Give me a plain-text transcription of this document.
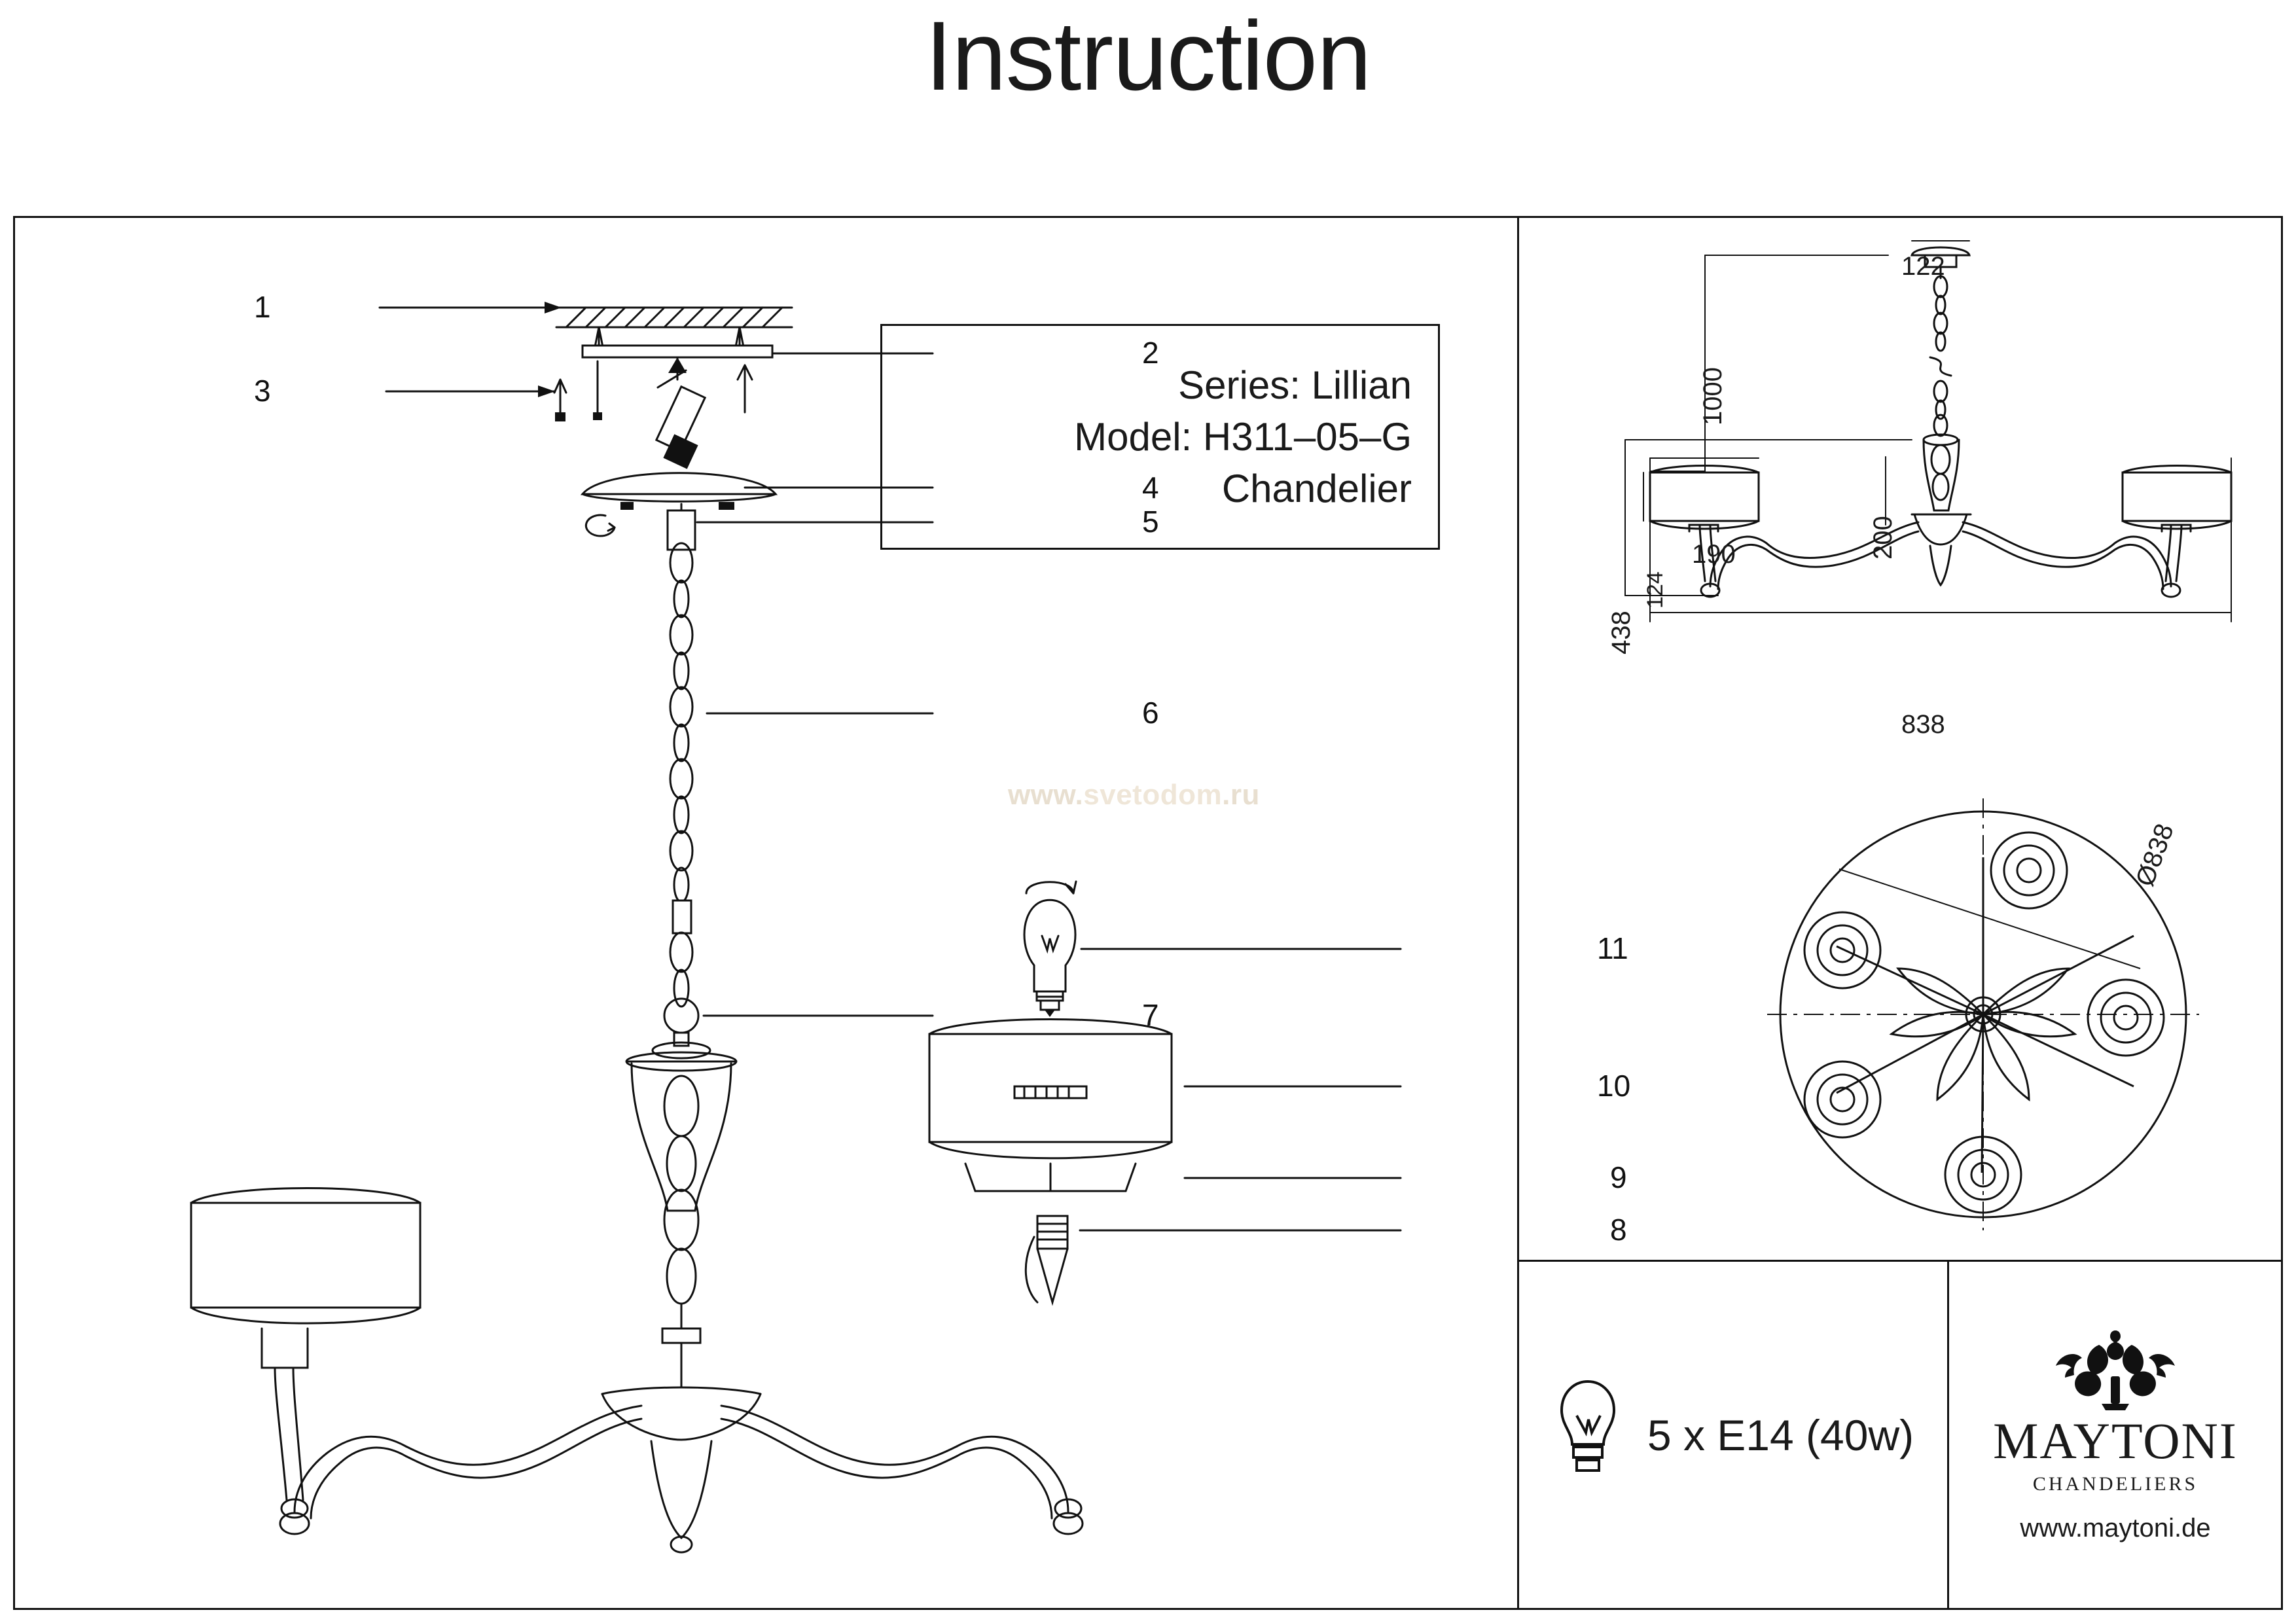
Instruction
Series: Lillian
Model: H311–05–G
Chandelier
www.svetodom.ru
1
2
3
4
5
6
7
8
9
10
11
122
1000
438
124
190	200
838
Ø838
5 x E14 (40w) MAYTONI
CHANDELIERS
www.maytoni.de
